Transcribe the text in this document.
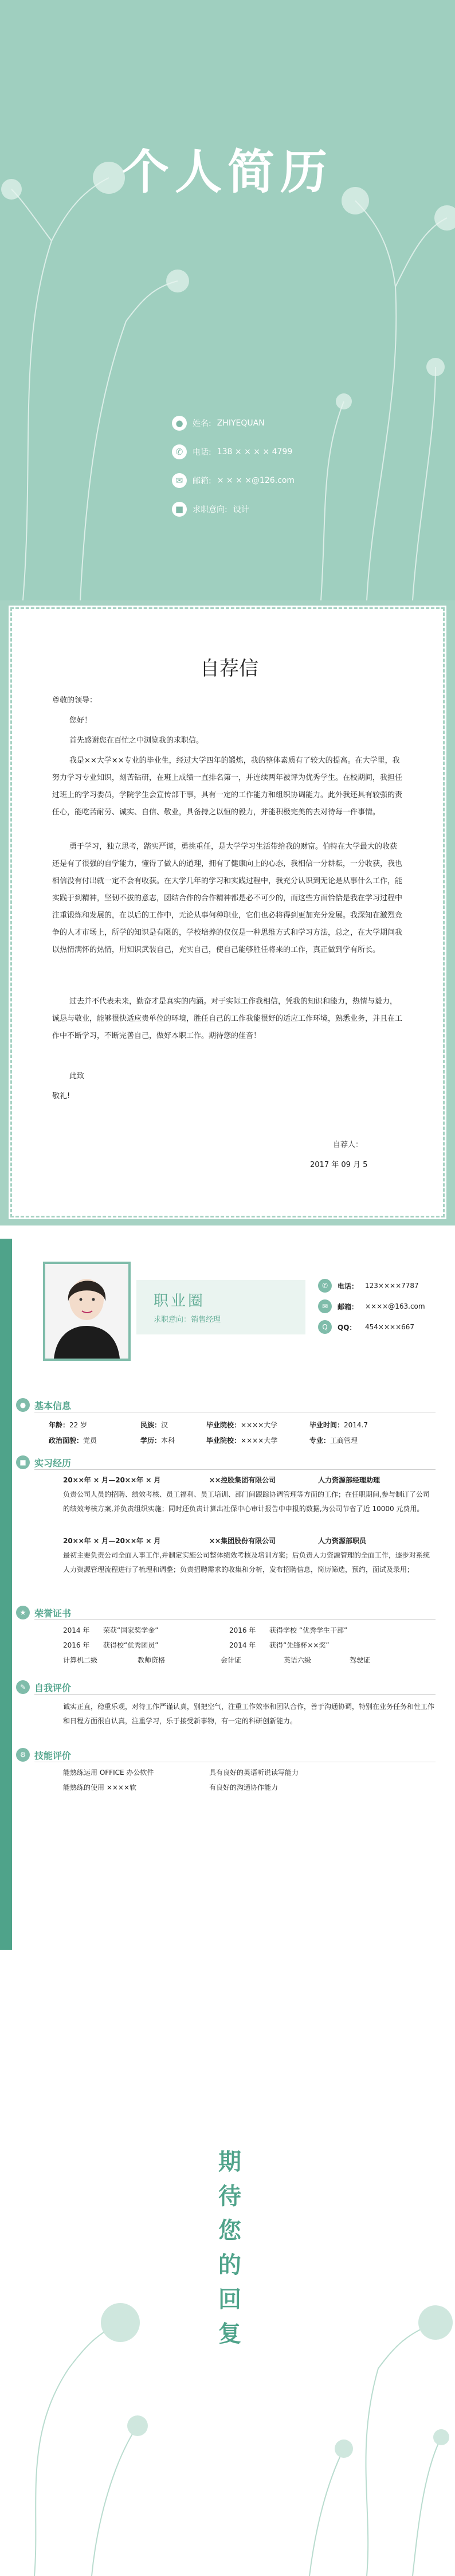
个人简历
●	姓名: ZHIYEQUAN
✆	电话: 138 × × × × 4799
✉	邮箱: × × × ×@126.com
■	求职意向: 设计
自荐信
尊敬的领导：
您好！
首先感谢您在百忙之中浏览我的求职信。
我是××大学××专业的毕业生，经过大学四年的锻炼，我的整体素质有了较大的提高。在大学里，我努力学习专业知识，刻苦钻研，在班上成绩一直排名第一，并连续两年被评为优秀学生。在校期间，我担任过班上的学习委员，学院学生会宣传部干事，具有一定的工作能力和组织协调能力。此外我还具有较强的责任心，能吃苦耐劳、诚实、自信、敬业，具备持之以恒的毅力，并能积极完美的去对待每一件事情。
勇于学习，独立思考，踏实严谨，勇挑重任，是大学学习生活带给我的财富。伯特在大学最大的收获还是有了很强的自学能力，懂得了做人的道理，拥有了健康向上的心态，我相信一分耕耘，一分收获，我也相信没有付出就一定不会有收获。在大学几年的学习和实践过程中，我充分认识到无论是从事什么工作，能实践于到精神，坚韧不拔的意志，团结合作的合作精神都是必不可少的，而这些方面恰恰是我在学习过程中注重锻炼和发展的，在以后的工作中，无论从事何种职业，它们也必将得到更加充分发展。我深知在激烈竞争的人才市场上，所学的知识是有限的，学校培养的仅仅是一种思维方式和学习方法，总之，在大学期间我以热情满怀的热情，用知识武装自己，充实自己，使自己能够胜任将来的工作，真正做到学有所长。
过去并不代表未来，勤奋才是真实的内涵。对于实际工作我相信，凭我的知识和能力，热情与毅力，诚恳与敬业，能够很快适应贵单位的环境，胜任自己的工作我能很好的适应工作环境，熟悉业务，并且在工作中不断学习，不断完善自己，做好本职工作。期待您的佳音！
此致
敬礼!
自荐人：
2017 年 09 月 5
职业圈
求职意向：销售经理
✆	电话： 123××××7787
✉	邮箱： ××××@163.com
Q	QQ：	454××××667
● 基本信息
年龄：22 岁	民族：汉	毕业院校：××××大学	毕业时间：2014.7
政治面貌：党员	学历：本科	毕业院校：××××大学	专业：工商管理
■ 实习经历
20××年 × 月—20××年 × 月	××控股集团有限公司	人力资源部经理助理
负责公司人员的招聘、绩效考核、员工福利、员工培训、部门间跟踪协调管理等方面的工作；在任职期间,参与制订了公司的绩效考核方案,并负责组织实施；同时还负责计算出社保中心审计报告中申报的数据,为公司节省了近 10000 元费用。
20××年 × 月—20××年 × 月	××集团股份有限公司	人力资源部职员
最初主要负责公司全面人事工作,并制定实施公司整体绩效考核及培训方案；后负责人力资源管理的全面工作，逐步对系统人力资源管理流程进行了梳理和调整；负责招聘需求的收集和分析，发布招聘信息，简历筛选，预约，面试及录用；
★ 荣誉证书
2014 年 荣获“国家奖学金”	2016 年 获得学校 “优秀学生干部”
2016 年 获得校“优秀团员”	2014 年 获得“先锋杯××奖”
计算机二级	教师资格	会计证	英语六级	驾驶证
✎ 自我评价
诚实正直，稳重乐观，对待工作严谨认真，别把空气，注重工作效率和团队合作，善于沟通协调，特别在业务任务和性工作和日程方面很自认真，注重学习，乐于接受新事物，有一定的科研创新能力。
⚙ 技能评价
能熟练运用 OFFICE 办公软件	具有良好的英语听说读写能力
能熟练的使用 ××××软	有良好的沟通协作能力
期待您的回复
